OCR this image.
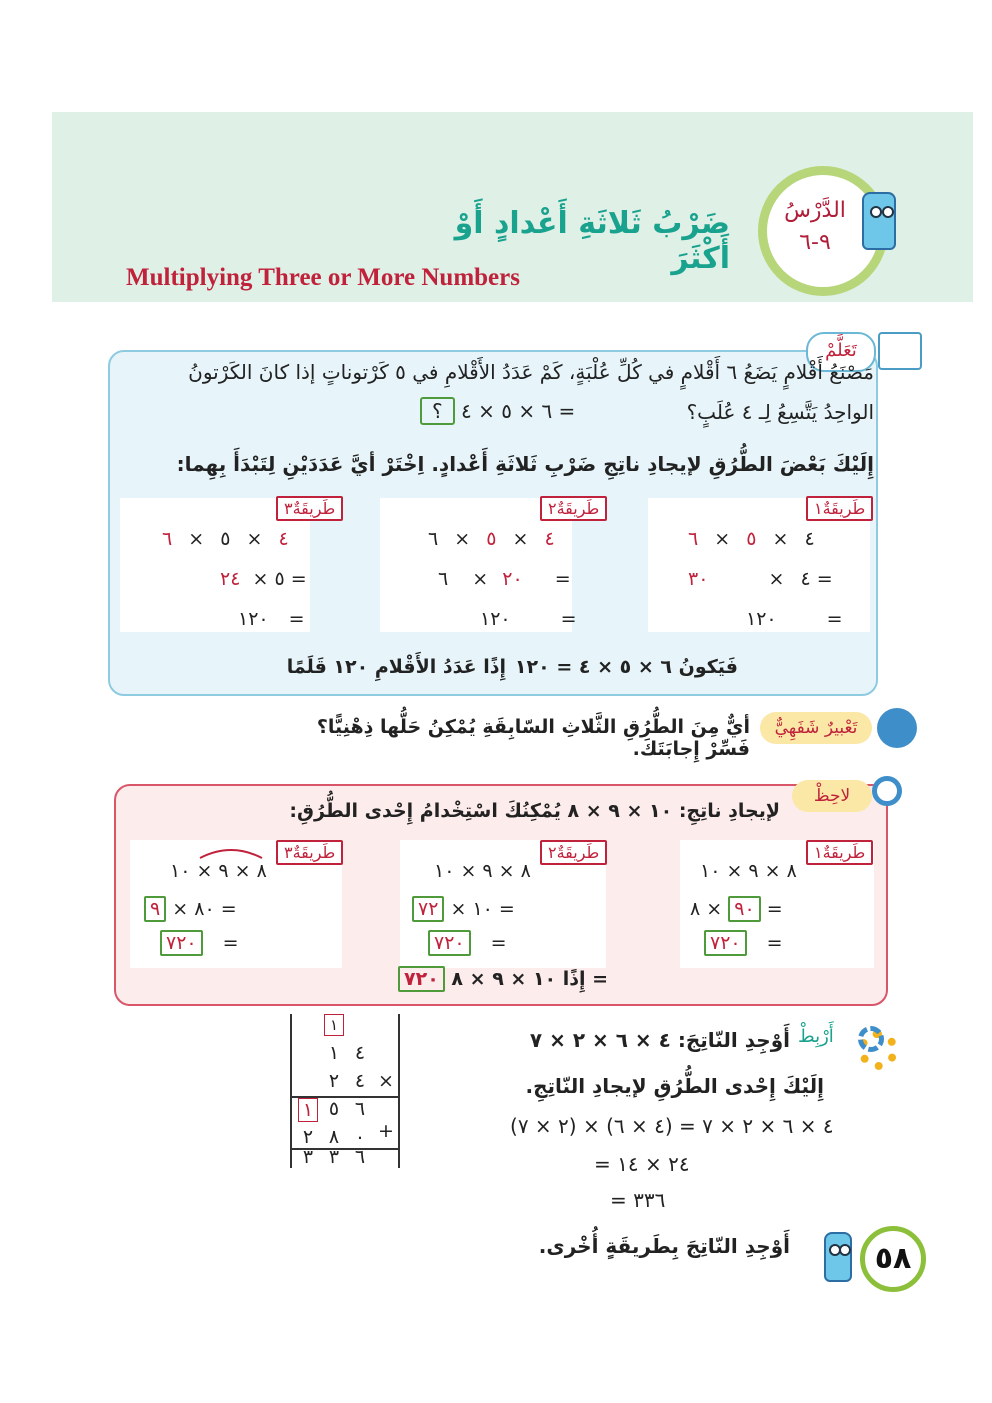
الدَّرْسُ
٩-٦
ضَرْبُ ثَلاثَةِ أَعْدادٍ أَوْ أَكْثَرَ
Multiplying Three or More Numbers
تَعَلَّمْ
مَصْنَعُ أَقْلامٍ يَضَعُ ٦ أَقْلامٍ في كُلِّ عُلْبَةٍ، كَمْ عَدَدُ الأَقْلامِ في ٥ كَرْتوناتٍ إذا كانَ الكَرْتونُ
الواحِدُ يَتَّسِعُ لِـ ٤ عُلَبٍ؟
؟ ٦ × ٥ × ٤ =
إِلَيْكَ بَعْضَ الطُّرُقِ لإيجادِ ناتِجِ ضَرْبِ ثَلاثَةِ أَعْدادٍ. اِخْتَرْ أيَّ عَدَدَيْنِ لِتَبْدَأَ بِهِما:
طَريقَةٌ١
طَريقَةٌ٢
طَريقَةٌ٣
٤ × ٥ × ٦
٤ × ٣٠	=
١٢٠	=
٤ × ٥ × ٦
٢٠ × ٦	=
١٢٠	=
٤ × ٥ × ٦
٥ × ٢٤	=
١٢٠ =
فَيَكونُ ٦ × ٥ × ٤ = ١٢٠
إِذًا عَدَدُ الأَقْلامِ ١٢٠ قَلَمًا
تَعْبيرٌ شَفَهِيٌّ
أيٌّ مِنَ الطُّرُقِ الثَّلاثِ السّابِقَةِ يُمْكِنُ حَلُّها ذِهْنِيًّا؟ فَسِّرْ إِجابَتَكَ.
لاحِظْ
لإيجادِ ناتِجِ: ١٠ × ٩ × ٨ يُمْكِنُكَ اسْتِخْدامُ إِحْدى الطُّرُقِ:
طَريقَةٌ١
طَريقَةٌ٢
طَريقَةٌ٣
٨ × ٩ × ١٠
٨ × ٩٠ =
٧٢٠ =
٨ × ٩ × ١٠
٧٢ × ١٠ =
٧٢٠ =
٨ × ٩ × ١٠
٩ × ٨٠ =
٧٢٠ =
٧٢٠ إِذًا ١٠ × ٩ × ٨ =
أَرْبِطْ
أَوْجِدِ النّاتِجَ: ٤ × ٦ × ٢ × ٧
إِلَيْكَ إِحْدى الطُّرُقِ لإيجادِ النّاتِجِ.
٤ × ٦ × ٢ × ٧ = (٤ × ٦) × (٢ × ٧)
= ٢٤ × ١٤
= ٣٣٦
أَوْجِدِ النّاتِجَ بِطَريقَةٍ أُخْرى.
١
١ ٤
٢ ٤ ×
١ ٥ ٦
٢ ٨ ٠ +
٣ ٣ ٦
٥٨
